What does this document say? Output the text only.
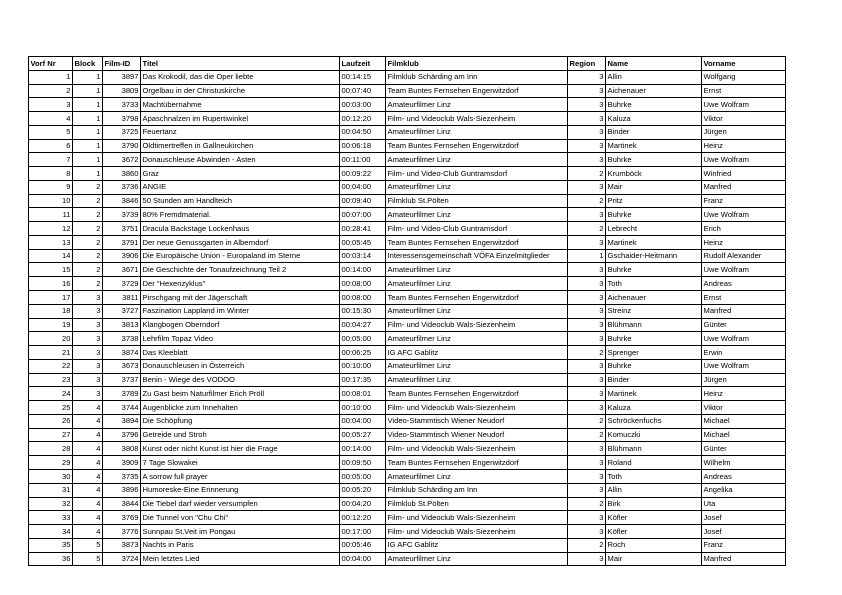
Vorf Nr	Block	Film-ID	Titel	Laufzeit	Filmklub	Region	Name	Vorname
1	1	3897	Das Krokodil, das die Oper liebte	00:14:15	Filmklub Schärding am Inn	3	Allin	Wolfgang
2	1	3809	Orgelbau in der Christuskirche	00:07:40	Team Buntes Fernsehen Engerwitzdorf	3	Aichenauer	Ernst
3	1	3733	Machtübernahme	00:03:00	Amateurfilmer Linz	3	Buhrke	Uwe Wolfram
4	1	3798	Apaschnalzen im Rupertiwinkel	00:12:20	Film- und Videoclub Wals-Siezenheim	3	Kaluza	Viktor
5	1	3725	Feuertanz	00:04:50	Amateurfilmer Linz	3	Binder	Jürgen
6	1	3790	Oldtimertreffen in Gallneukirchen	00:06:18	Team Buntes Fernsehen Engerwitzdorf	3	Martinek	Heinz
7	1	3672	Donauschleuse Abwinden - Asten	00:11:00	Amateurfilmer Linz	3	Buhrke	Uwe Wolfram
8	1	3860	Graz	00:09:22	Film- und Video-Club Guntramsdorf	2	Krumböck	Winfried
9	2	3736	ANGIE	00:04:00	Amateurfilmer Linz	3	Mair	Manfred
10	2	3846	50 Stunden am Handlteich	00:09:40	Filmklub St.Pölten	2	Pritz	Franz
11	2	3739	80% Fremdmaterial.	00:07:00	Amateurfilmer Linz	3	Buhrke	Uwe Wolfram
12	2	3751	Dracula Backstage Lockenhaus	00:28:41	Film- und Video-Club Guntramsdorf	2	Lebrecht	Erich
13	2	3791	Der neue Genussgarten in Alberndorf	00:05:45	Team Buntes Fernsehen Engerwitzdorf	3	Martinek	Heinz
14	2	3906	Die Europäische Union - Europaland im Sterne	00:03:14	Interessensgemeinschaft VÖFA Einzelmitglieder	1	Gschaider-Heitmann	Rudolf Alexander
15	2	3671	Die Geschichte der Tonaufzeichnung Teil 2	00:14:00	Amateurfilmer Linz	3	Buhrke	Uwe Wolfram
16	2	3729	Der "Hexenzyklus"	00:08:00	Amateurfilmer Linz	3	Toth	Andreas
17	3	3811	Pirschgang mit der Jägerschaft	00:08:00	Team Buntes Fernsehen Engerwitzdorf	3	Aichenauer	Ernst
18	3	3727	Faszination Lappland im Winter	00:15:30	Amateurfilmer Linz	3	Streinz	Manfred
19	3	3813	Klangbogen Oberndorf	00:04:27	Film- und Videoclub Wals-Siezenheim	3	Blühmann	Günter
20	3	3738	Lehrfilm Topaz Video	00:05:00	Amateurfilmer Linz	3	Buhrke	Uwe Wolfram
21	3	3874	Das Kleeblatt	00:06:25	IG AFC Gablitz	2	Sprenger	Erwin
22	3	3673	Donauschleusen in Österreich	00:10:00	Amateurfilmer Linz	3	Buhrke	Uwe Wolfram
23	3	3737	Benin - Wiege des VODOO	00:17:35	Amateurfilmer Linz	3	Binder	Jürgen
24	3	3789	Zu Gast beim Naturfilmer Erich Pröll	00:08:01	Team Buntes Fernsehen Engerwitzdorf	3	Martinek	Heinz
25	4	3744	Augenblicke zum Innehalten	00:10:00	Film- und Videoclub Wals-Siezenheim	3	Kaluza	Viktor
26	4	3894	Die Schöpfung	00:04:00	Video-Stammtisch Wiener Neudorf	2	Schröckenfuchs	Michael
27	4	3796	Getreide und Stroh	00:05:27	Video-Stammtisch Wiener Neudorf	2	Komuczki	Michael
28	4	3808	Kunst oder nicht Kunst ist hier die Frage	00:14:00	Film- und Videoclub Wals-Siezenheim	3	Blühmann	Günter
29	4	3909	7 Tage Slowakei	00:09:50	Team Buntes Fernsehen Engerwitzdorf	3	Roland	Wilhelm
30	4	3735	A sorrow full prayer	00:05:00	Amateurfilmer Linz	3	Toth	Andreas
31	4	3896	Humoreske-Eine Erinnerung	00:05:20	Filmklub Schärding am Inn	3	Allin	Angelika
32	4	3844	Die Tiebel darf wieder versumpfen	00:04:20	Filmklub St.Pölten	2	Birk	Uta
33	4	3769	Die Tunnel von "Chu Chi"	00:12:20	Film- und Videoclub Wals-Siezenheim	3	Köfler	Josef
34	4	3776	Sunnpau St.Veit im Pongau	00:17:00	Film- und Videoclub Wals-Siezenheim	3	Köfler	Josef
35	5	3873	Nachts in Paris	00:05:46	IG AFC Gablitz	2	Roch	Franz
36	5	3724	Mein letztes Lied	00:04:00	Amateurfilmer Linz	3	Mair	Manfred
